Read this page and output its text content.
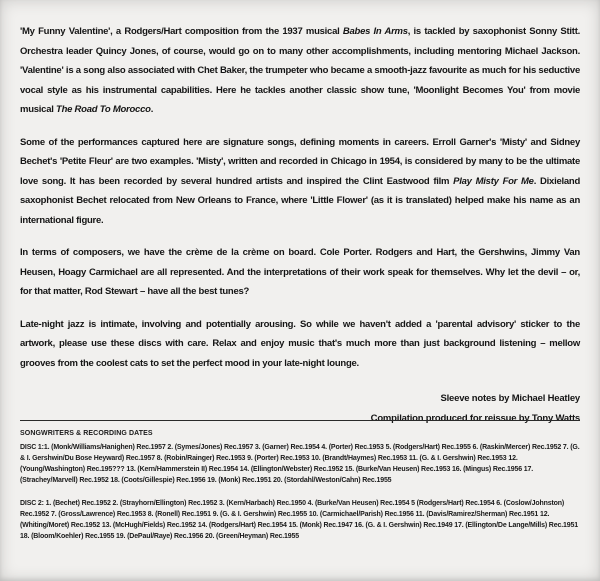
'My Funny Valentine', a Rodgers/Hart composition from the 1937 musical Babes In Arms, is tackled by saxophonist Sonny Stitt. Orchestra leader Quincy Jones, of course, would go on to many other accomplishments, including mentoring Michael Jackson. 'Valentine' is a song also associated with Chet Baker, the trumpeter who became a smooth-jazz favourite as much for his seductive vocal style as his instrumental capabilities. Here he tackles another classic show tune, 'Moonlight Becomes You' from movie musical The Road To Morocco.

Some of the performances captured here are signature songs, defining moments in careers. Erroll Garner's 'Misty' and Sidney Bechet's 'Petite Fleur' are two examples. 'Misty', written and recorded in Chicago in 1954, is considered by many to be the ultimate love song. It has been recorded by several hundred artists and inspired the Clint Eastwood film Play Misty For Me. Dixieland saxophonist Bechet relocated from New Orleans to France, where 'Little Flower' (as it is translated) helped make his name as an international figure.

In terms of composers, we have the crème de la crème on board. Cole Porter. Rodgers and Hart, the Gershwins, Jimmy Van Heusen, Hoagy Carmichael are all represented. And the interpretations of their work speak for themselves. Why let the devil – or, for that matter, Rod Stewart – have all the best tunes?

Late-night jazz is intimate, involving and potentially arousing. So while we haven't added a 'parental advisory' sticker to the artwork, please use these discs with care. Relax and enjoy music that's much more than just background listening – mellow grooves from the coolest cats to set the perfect mood in your late-night lounge.

Sleeve notes by Michael Heatley
Compilation produced for reissue by Tony Watts
SONGWRITERS & RECORDING DATES

DISC 1:1. (Monk/Williams/Hanighen) Rec.1957 2. (Symes/Jones) Rec.1957 3. (Garner) Rec.1954 4. (Porter) Rec.1953 5. (Rodgers/Hart) Rec.1955 6. (Raskin/Mercer) Rec.1952 7. (G. & I. Gershwin/Du Bose Heyward) Rec.1957 8. (Robin/Rainger) Rec.1953 9. (Porter) Rec.1953 10. (Brandt/Haymes) Rec.1953 11. (G. & I. Gershwin) Rec.1953 12. (Young/Washington) Rec.195??? 13. (Kern/Hammerstein II) Rec.1954 14. (Ellington/Webster) Rec.1952 15. (Burke/Van Heusen) Rec.1953 16. (Mingus) Rec.1956 17. (Strachey/Marvell) Rec.1952 18. (Coots/Gillespie) Rec.1956 19. (Monk) Rec.1951 20. (Stordahl/Weston/Cahn) Rec.1955

DISC 2: 1. (Bechet) Rec.1952 2. (Strayhorn/Ellington) Rec.1952 3. (Kern/Harbach) Rec.1950 4. (Burke/Van Heusen) Rec.1954 5 (Rodgers/Hart) Rec.1954 6. (Coslow/Johnston) Rec.1952 7. (Gross/Lawrence) Rec.1953 8. (Ronell) Rec.1951 9. (G. & I. Gershwin) Rec.1955 10. (Carmichael/Parish) Rec.1956 11. (Davis/Ramirez/Sherman) Rec.1951 12. (Whiting/Moret) Rec.1952 13. (McHugh/Fields) Rec.1952 14. (Rodgers/Hart) Rec.1954 15. (Monk) Rec.1947 16. (G. & I. Gershwin) Rec.1949 17. (Ellington/De Lange/Mills) Rec.1951 18. (Bloom/Koehler) Rec.1955 19. (DePaul/Raye) Rec.1956 20. (Green/Heyman) Rec.1955
